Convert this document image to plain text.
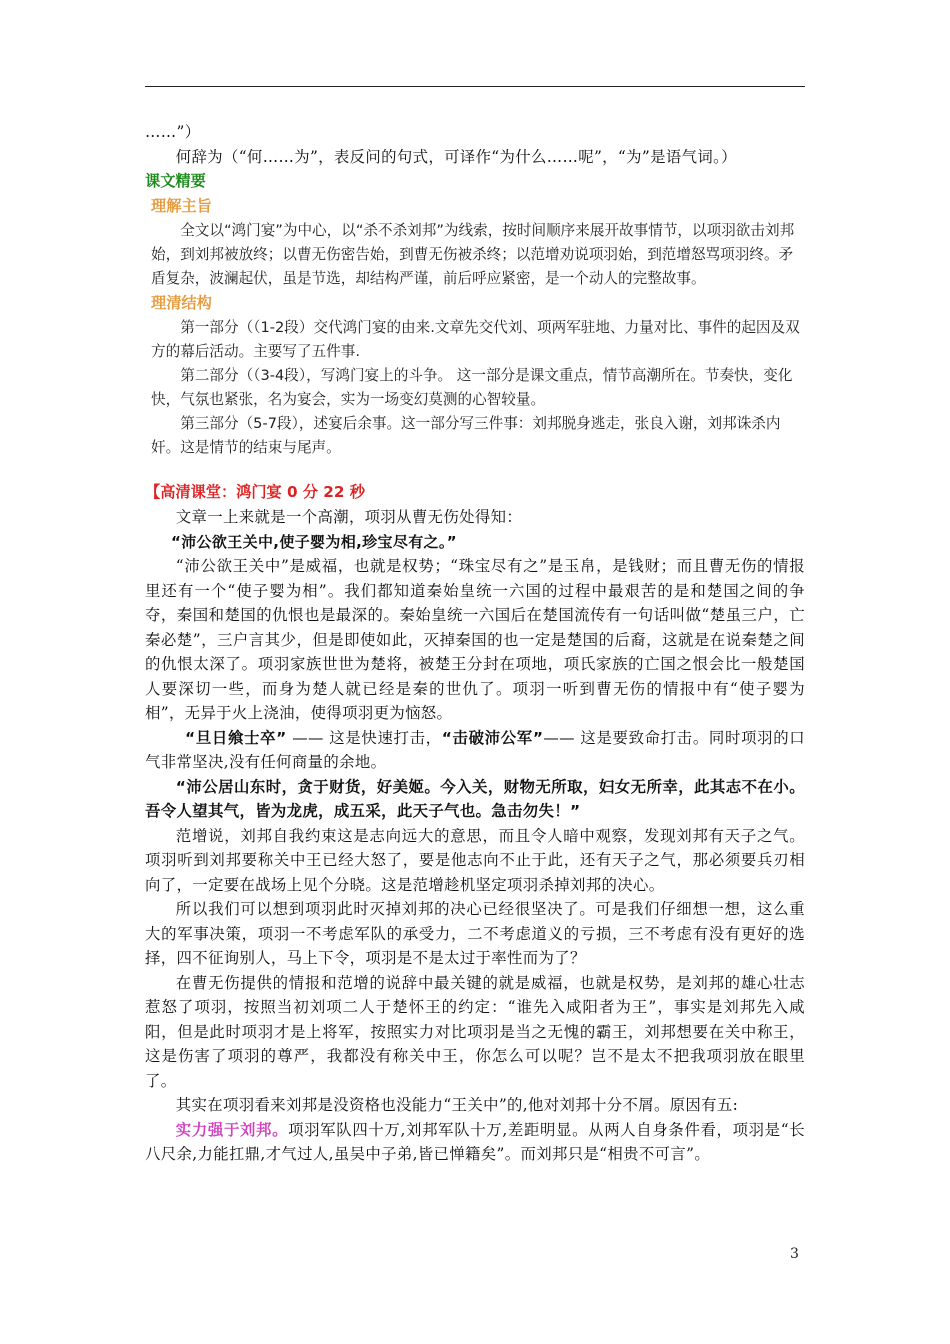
……”）

何辞为（“何……为”，表反问的句式，可译作“为什么……呢”，“为”是语气词。）

课文精要

理解主旨

全文以“鸿门宴”为中心，以“杀不杀刘邦”为线索，按时间顺序来展开故事情节，以项羽欲击刘邦始，到刘邦被放终；以曹无伤密告始，到曹无伤被杀终；以范增劝说项羽始，到范增怒骂项羽终。矛盾复杂，波澜起伏，虽是节选，却结构严谨，前后呼应紧密，是一个动人的完整故事。

理清结构

第一部分（（1-2段）交代鸿门宴的由来.文章先交代刘、项两军驻地、力量对比、事件的起因及双方的幕后活动。主要写了五件事.

第二部分（（3-4段），写鸿门宴上的斗争。 这一部分是课文重点，情节高潮所在。节奏快，变化快，气氛也紧张，名为宴会，实为一场变幻莫测的心智较量。

第三部分（5-7段），述宴后余事。这一部分写三件事：刘邦脱身逃走，张良入谢，刘邦诛杀内奸。这是情节的结束与尾声。

【高清课堂：鸿门宴 0 分 22 秒

文章一上来就是一个高潮，项羽从曹无伤处得知：

“沛公欲王关中,使子婴为相,珍宝尽有之。”

“沛公欲王关中”是威福，也就是权势；“珠宝尽有之”是玉帛，是钱财；而且曹无伤的情报里还有一个“使子婴为相”。我们都知道秦始皇统一六国的过程中最艰苦的是和楚国之间的争夺，秦国和楚国的仇恨也是最深的。秦始皇统一六国后在楚国流传有一句话叫做“楚虽三户，亡秦必楚”，三户言其少，但是即使如此，灭掉秦国的也一定是楚国的后裔，这就是在说秦楚之间的仇恨太深了。项羽家族世世为楚将，被楚王分封在项地，项氏家族的亡国之恨会比一般楚国人要深切一些，而身为楚人就已经是秦的世仇了。项羽一听到曹无伤的情报中有“使子婴为相”，无异于火上浇油，使得项羽更为恼怒。

“旦日飨士卒” —— 这是快速打击，“击破沛公军”—— 这是要致命打击。同时项羽的口气非常坚决,没有任何商量的余地。

“沛公居山东时，贪于财货，好美姬。今入关，财物无所取，妇女无所幸，此其志不在小。吾令人望其气，皆为龙虎，成五采，此天子气也。急击勿失！”

范增说，刘邦自我约束这是志向远大的意思，而且令人暗中观察，发现刘邦有天子之气。项羽听到刘邦要称关中王已经大怒了，要是他志向不止于此，还有天子之气，那必须要兵刃相向了，一定要在战场上见个分晓。这是范增趁机坚定项羽杀掉刘邦的决心。

所以我们可以想到项羽此时灭掉刘邦的决心已经很坚决了。可是我们仔细想一想，这么重大的军事决策，项羽一不考虑军队的承受力，二不考虑道义的亏损，三不考虑有没有更好的选择，四不征询别人，马上下令，项羽是不是太过于率性而为了？

在曹无伤提供的情报和范增的说辞中最关键的就是威福，也就是权势，是刘邦的雄心壮志惹怒了项羽，按照当初刘项二人于楚怀王的约定：“谁先入咸阳者为王”，事实是刘邦先入咸阳，但是此时项羽才是上将军，按照实力对比项羽是当之无愧的霸王，刘邦想要在关中称王，这是伤害了项羽的尊严，我都没有称关中王，你怎么可以呢？岂不是太不把我项羽放在眼里了。

其实在项羽看来刘邦是没资格也没能力“王关中”的,他对刘邦十分不屑。原因有五:

实力强于刘邦。项羽军队四十万,刘邦军队十万,差距明显。从两人自身条件看，项羽是“长八尺余,力能扛鼎,才气过人,虽吴中子弟,皆已惮籍矣”。而刘邦只是“相贵不可言”。

3
